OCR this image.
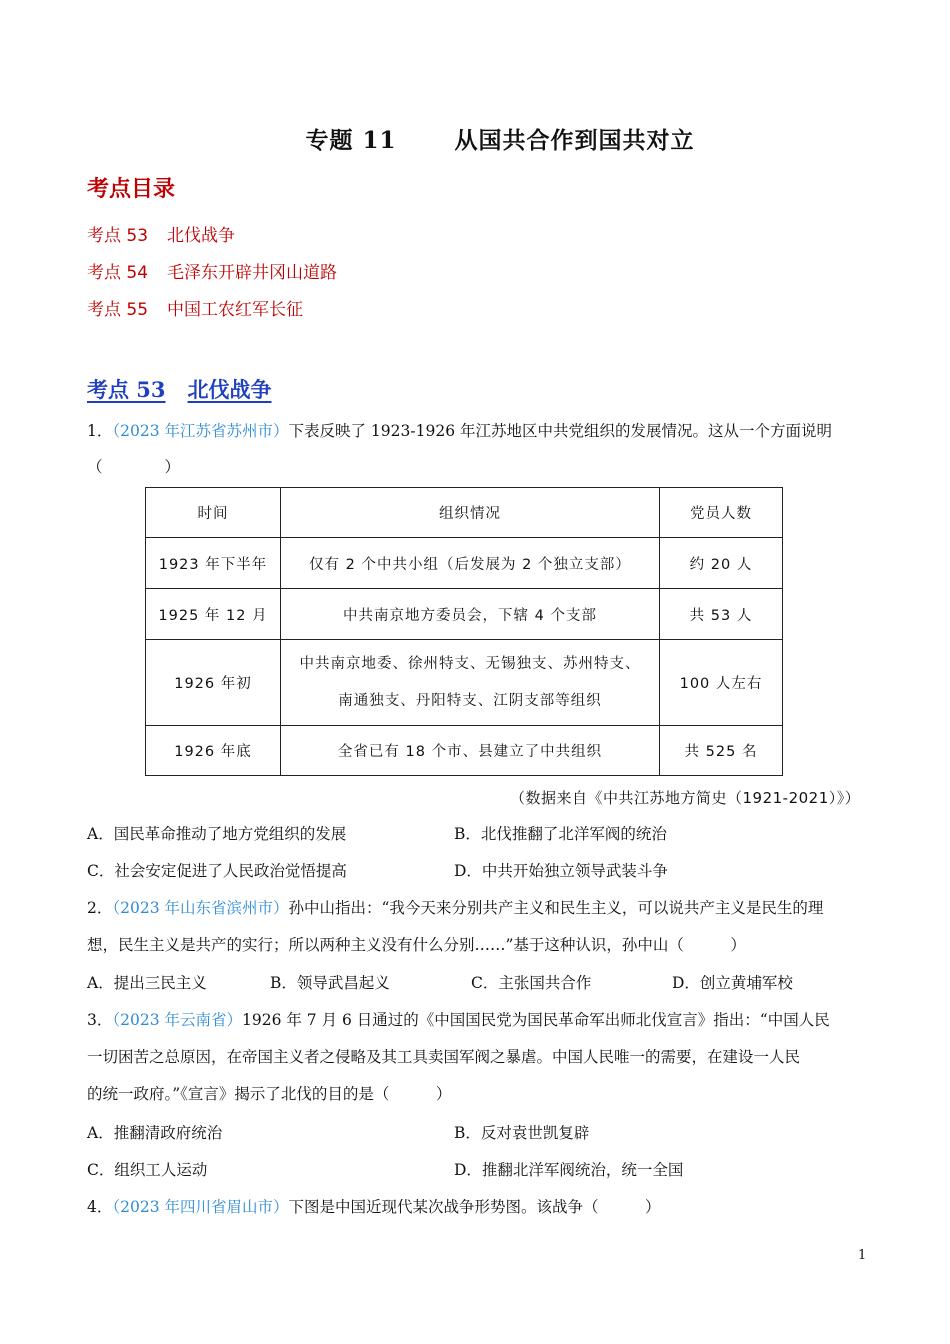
专题 11	从国共合作到国共对立
考点目录
考点 53 北伐战争
考点 54 毛泽东开辟井冈山道路
考点 55 中国工农红军长征
考点 53 北伐战争
1．（2023 年江苏省苏州市）下表反映了 1923-1926 年江苏地区中共党组织的发展情况。这从一个方面说明
（　　　　）
时间	组织情况	党员人数
1923 年下半年	仅有 2 个中共小组（后发展为 2 个独立支部）	约 20 人
1925 年 12 月	中共南京地方委员会，下辖 4 个支部	共 53 人
1926 年初	中共南京地委、徐州特支、无锡独支、苏州特支、
南通独支、丹阳特支、江阴支部等组织	100 人左右
1926 年底	全省已有 18 个市、县建立了中共组织	共 525 名
（数据来自《中共江苏地方简史（1921-2021）》）
A．国民革命推动了地方党组织的发展	B．北伐推翻了北洋军阀的统治
C．社会安定促进了人民政治觉悟提高	D．中共开始独立领导武装斗争
2．（2023 年山东省滨州市）孙中山指出：“我今天来分别共产主义和民生主义，可以说共产主义是民生的理
想，民生主义是共产的实行；所以两种主义没有什么分别……”基于这种认识，孙中山（　　　）
A．提出三民主义	B．领导武昌起义	C．主张国共合作	D．创立黄埔军校
3．（2023 年云南省）1926 年 7 月 6 日通过的《中国国民党为国民革命军出师北伐宣言》指出：“中国人民
一切困苦之总原因，在帝国主义者之侵略及其工具卖国军阀之暴虐。中国人民唯一的需要，在建设一人民
的统一政府。”《宣言》揭示了北伐的目的是（　　　）
A．推翻清政府统治	B．反对袁世凯复辟
C．组织工人运动	D．推翻北洋军阀统治，统一全国
4．（2023 年四川省眉山市）下图是中国近现代某次战争形势图。该战争（　　　）
1
